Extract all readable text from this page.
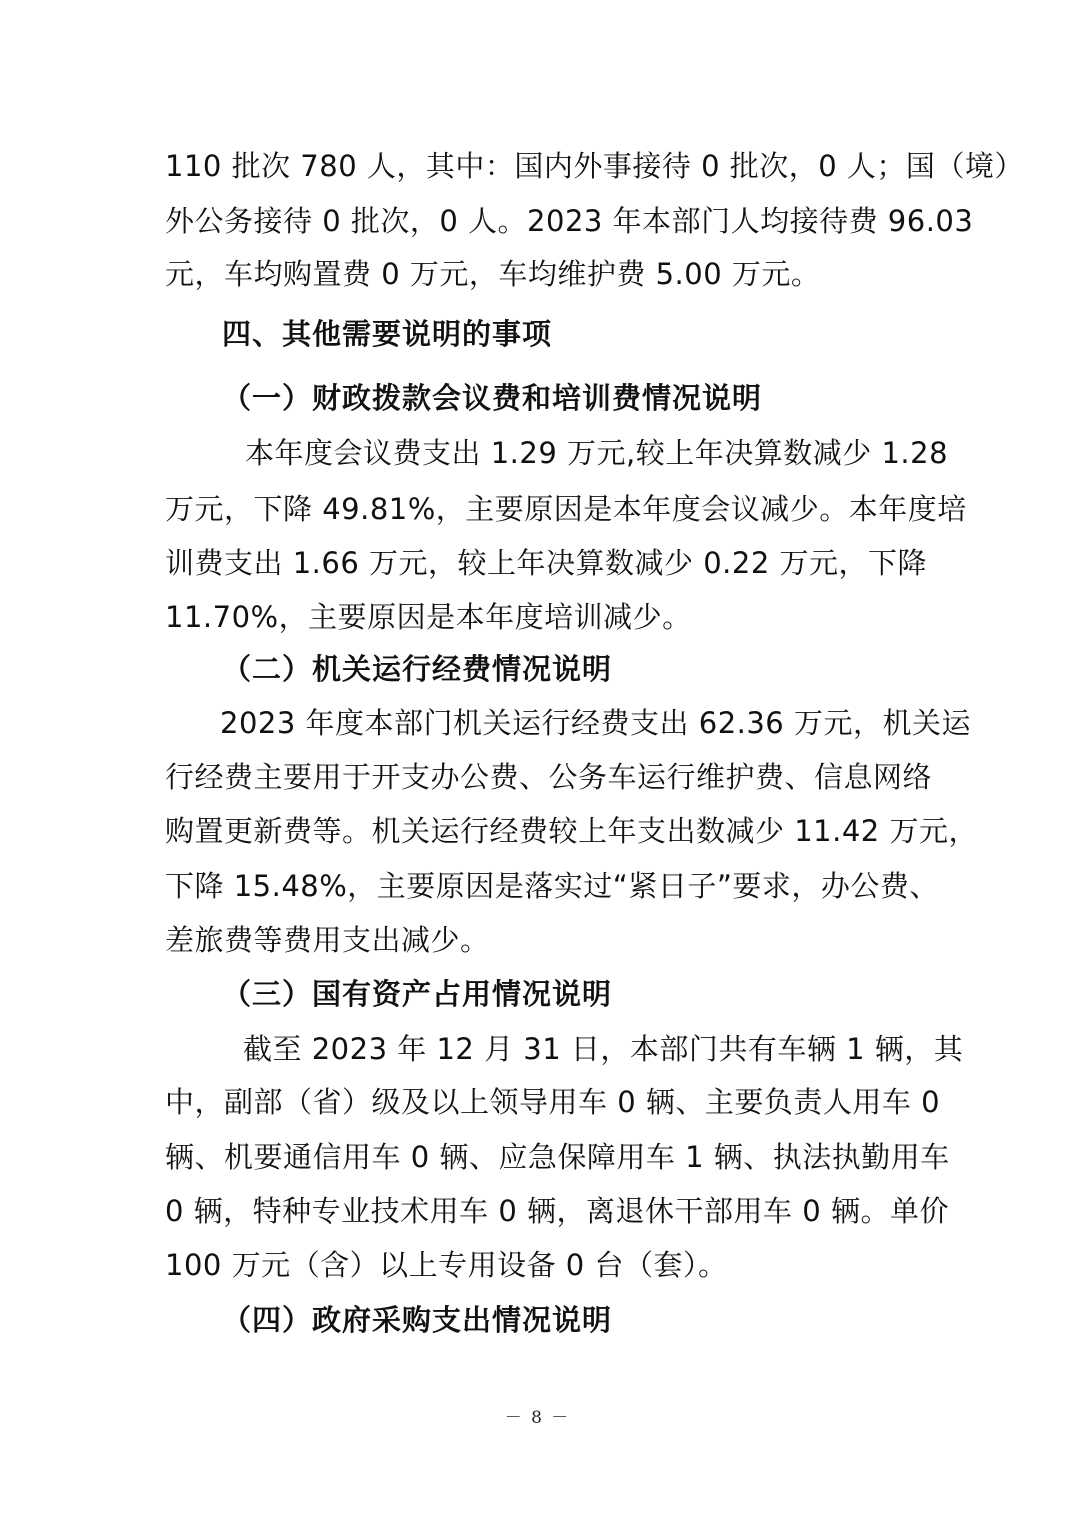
110 批次 780 人，其中：国内外事接待 0 批次，0 人；国（境）
外公务接待 0 批次，0 人。2023 年本部门人均接待费 96.03
元，车均购置费 0 万元，车均维护费 5.00 万元。
四、其他需要说明的事项
（一）财政拨款会议费和培训费情况说明
本年度会议费支出 1.29 万元,较上年决算数减少 1.28
万元，下降 49.81%，主要原因是本年度会议减少。本年度培
训费支出 1.66 万元，较上年决算数减少 0.22 万元，下降
11.70%，主要原因是本年度培训减少。
（二）机关运行经费情况说明
2023 年度本部门机关运行经费支出 62.36 万元，机关运
行经费主要用于开支办公费、公务车运行维护费、信息网络
购置更新费等。机关运行经费较上年支出数减少 11.42 万元，
下降 15.48%，主要原因是落实过“紧日子”要求，办公费、
差旅费等费用支出减少。
（三）国有资产占用情况说明
截至 2023 年 12 月 31 日，本部门共有车辆 1 辆，其
中，副部（省）级及以上领导用车 0 辆、主要负责人用车 0
辆、机要通信用车 0 辆、应急保障用车 1 辆、执法执勤用车
0 辆，特种专业技术用车 0 辆，离退休干部用车 0 辆。单价
100 万元（含）以上专用设备 0 台（套）。
（四）政府采购支出情况说明
－ 8 －
